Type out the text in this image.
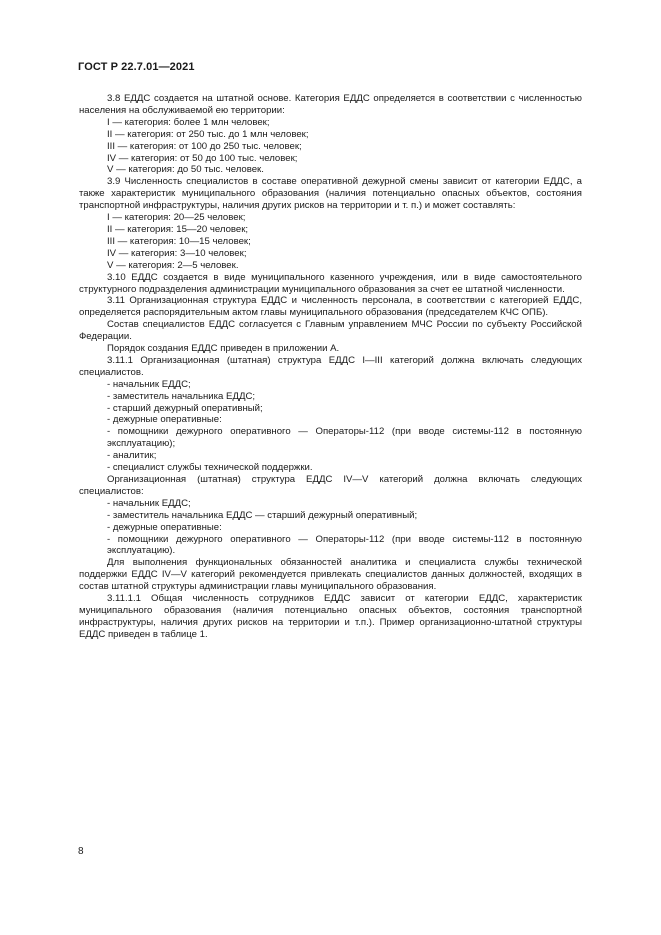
ГОСТ Р 22.7.01—2021

3.8 ЕДДС создается на штатной основе. Категория ЕДДС определяется в соответствии с численностью населения на обслуживаемой ею территории:

I — категория: более 1 млн человек;

II — категория: от 250 тыс. до 1 млн человек;

III — категория: от 100 до 250 тыс. человек;

IV — категория: от 50 до 100 тыс. человек;

V — категория: до 50 тыс. человек.

3.9 Численность специалистов в составе оперативной дежурной смены зависит от категории ЕДДС, а также характеристик муниципального образования (наличия потенциально опасных объектов, состояния транспортной инфраструктуры, наличия других рисков на территории и т. п.) и может составлять:

I — категория: 20—25 человек;

II — категория: 15—20 человек;

III — категория: 10—15 человек;

IV — категория: 3—10 человек;

V — категория: 2—5 человек.

3.10 ЕДДС создается в виде муниципального казенного учреждения, или в виде самостоятельного структурного подразделения администрации муниципального образования за счет ее штатной численности.

3.11 Организационная структура ЕДДС и численность персонала, в соответствии с категорией ЕДДС, определяется распорядительным актом главы муниципального образования (председателем КЧС ОПБ).

Состав специалистов ЕДДС согласуется с Главным управлением МЧС России по субъекту Российской Федерации.

Порядок создания ЕДДС приведен в приложении А.

3.11.1 Организационная (штатная) структура ЕДДС I—III категорий должна включать следующих специалистов.

- начальник ЕДДС;

- заместитель начальника ЕДДС;

- старший дежурный оперативный;

- дежурные оперативные:

- помощники дежурного оперативного — Операторы-112 (при вводе системы-112 в постоянную эксплуатацию);

- аналитик;

- специалист службы технической поддержки.

Организационная (штатная) структура ЕДДС IV—V категорий должна включать следующих специалистов:

- начальник ЕДДС;

- заместитель начальника ЕДДС — старший дежурный оперативный;

- дежурные оперативные:

- помощники дежурного оперативного — Операторы-112 (при вводе системы-112 в постоянную эксплуатацию).

Для выполнения функциональных обязанностей аналитика и специалиста службы технической поддержки ЕДДС IV—V категорий рекомендуется привлекать специалистов данных должностей, входящих в состав штатной структуры администрации главы муниципального образования.

3.11.1.1 Общая численность сотрудников ЕДДС зависит от категории ЕДДС, характеристик муниципального образования (наличия потенциально опасных объектов, состояния транспортной инфраструктуры, наличия других рисков на территории и т.п.). Пример организационно-штатной структуры ЕДДС приведен в таблице 1.

8
